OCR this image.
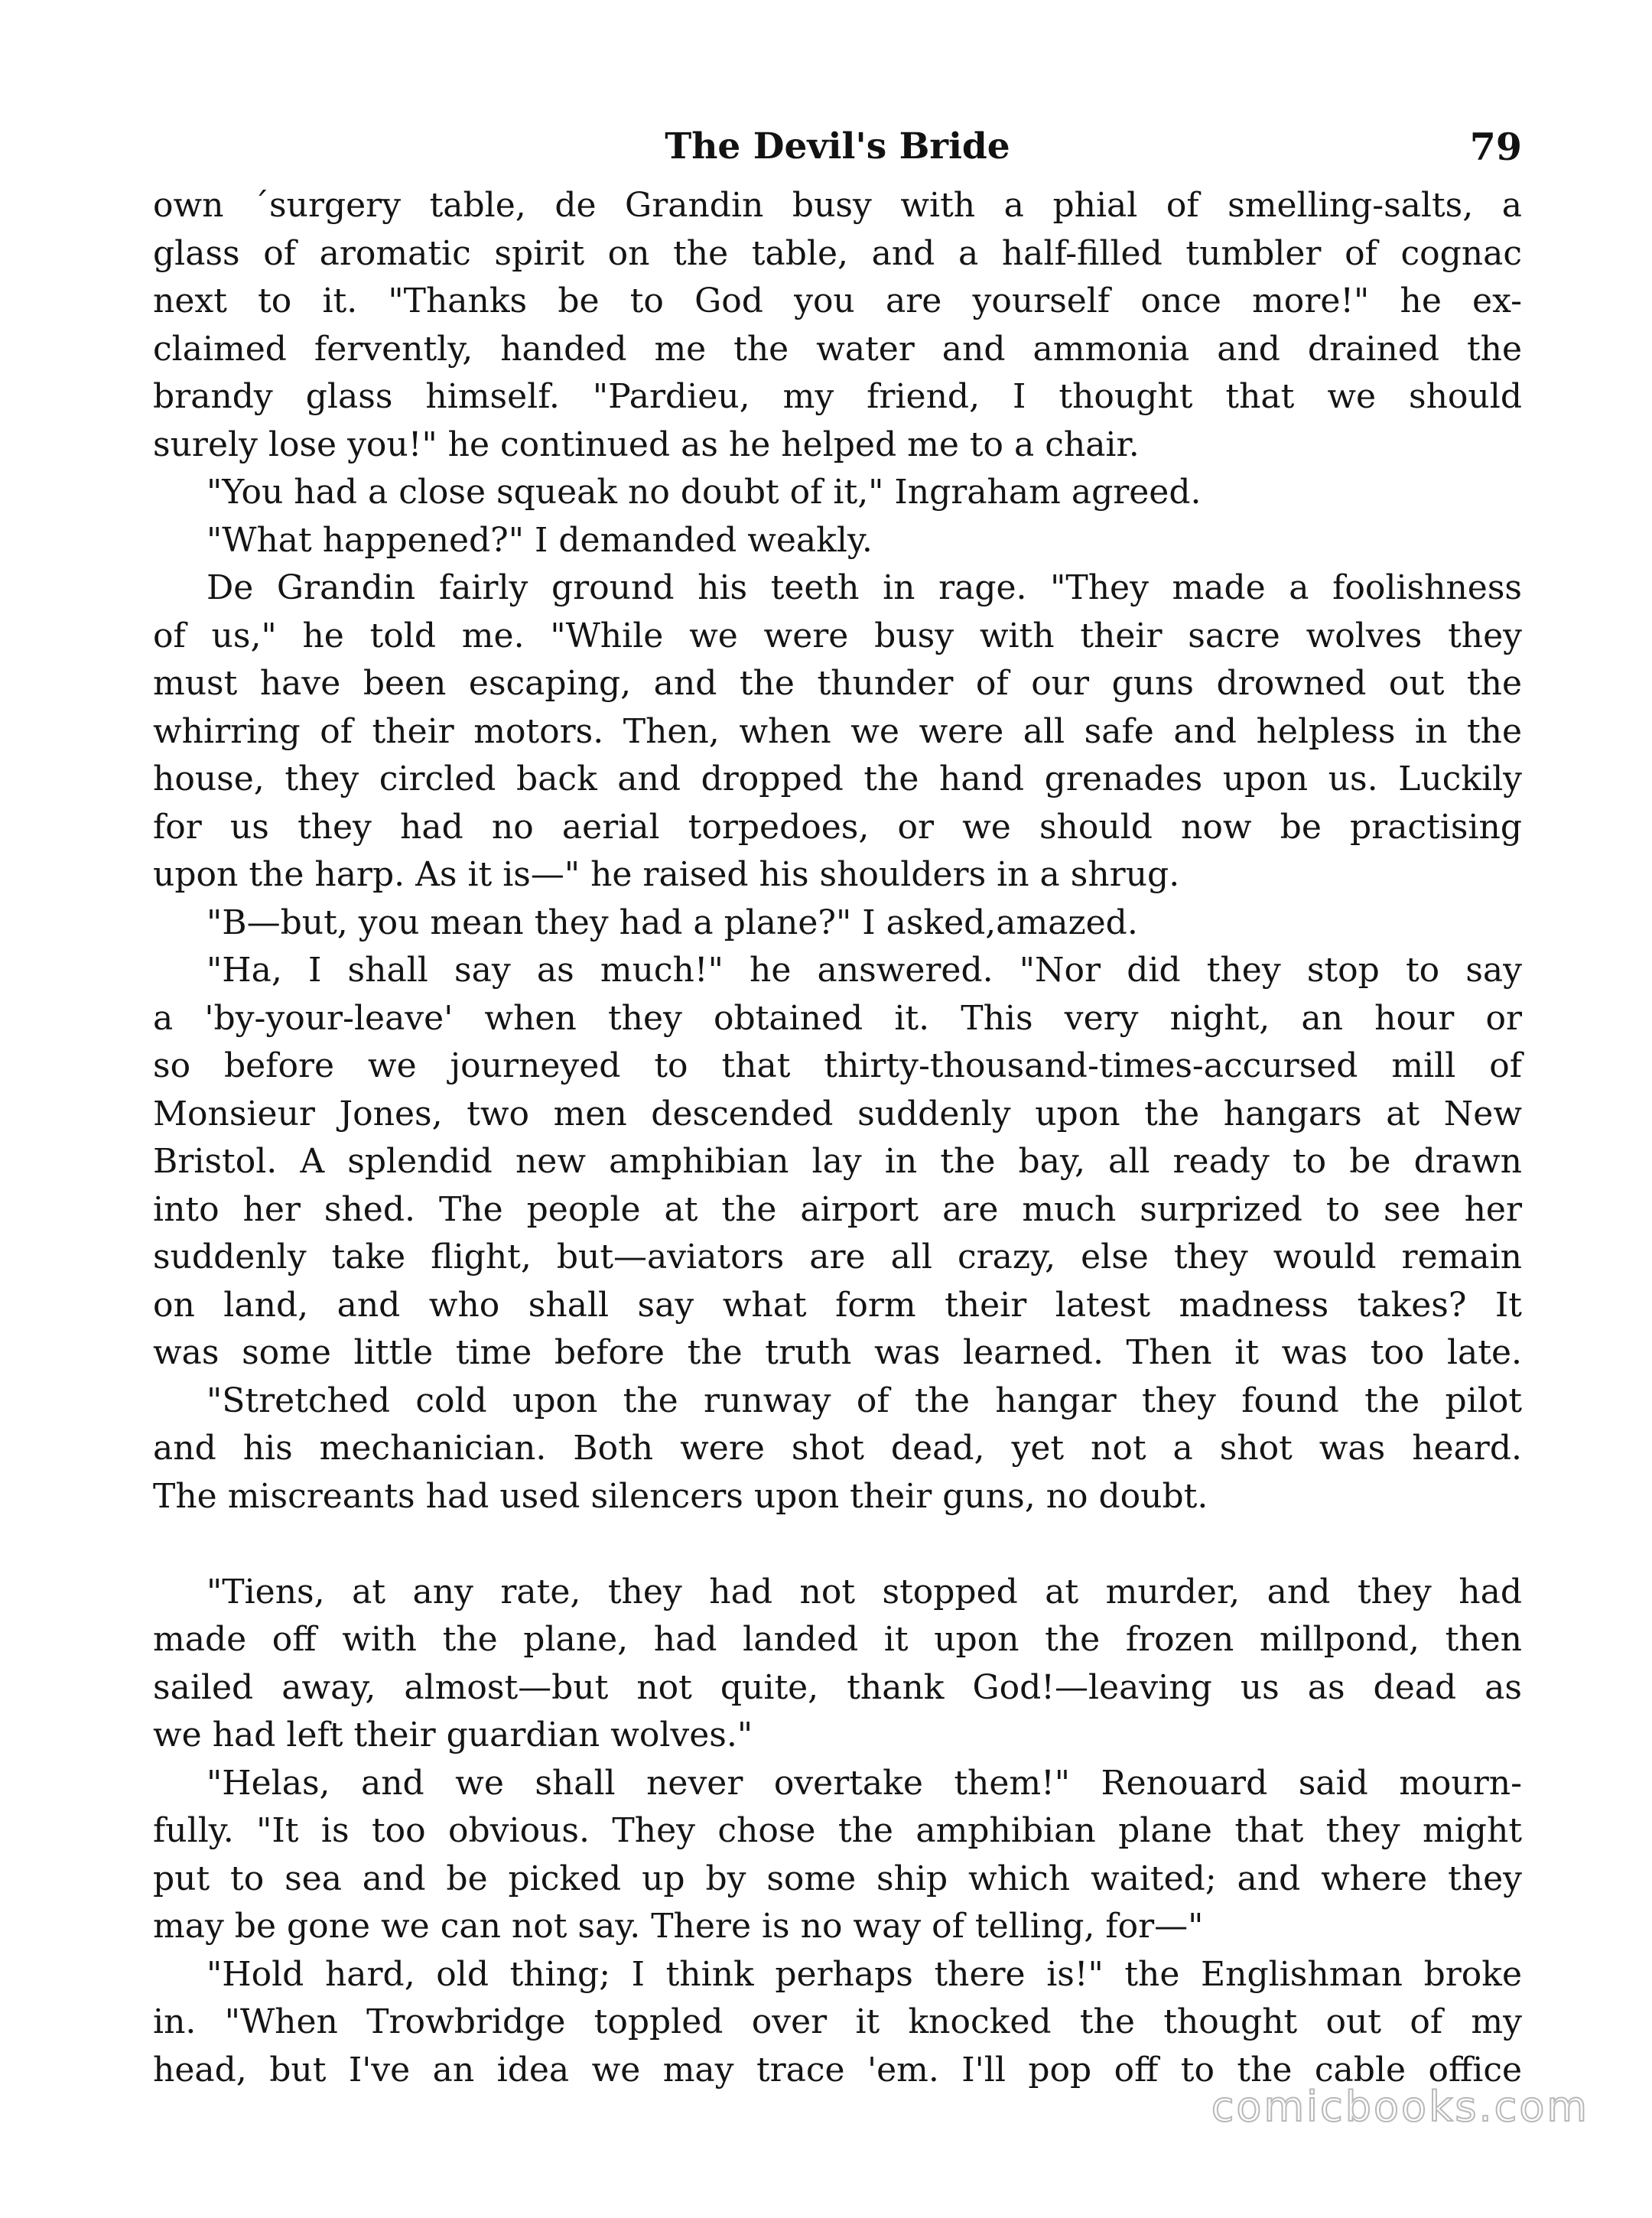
The Devil's Bride	79
own ´surgery table, de Grandin busy with a phial of smelling-salts, a
glass of aromatic spirit on the table, and a half-filled tumbler of cognac
next to it. "Thanks be to God you are yourself once more!" he ex-
claimed fervently, handed me the water and ammonia and drained the
brandy glass himself. "Pardieu, my friend, I thought that we should
surely lose you!" he continued as he helped me to a chair.
"You had a close squeak no doubt of it," Ingraham agreed.
"What happened?" I demanded weakly.
De Grandin fairly ground his teeth in rage. "They made a foolishness
of us," he told me. "While we were busy with their sacre wolves they
must have been escaping, and the thunder of our guns drowned out the
whirring of their motors. Then, when we were all safe and helpless in the
house, they circled back and dropped the hand grenades upon us. Luckily
for us they had no aerial torpedoes, or we should now be practising
upon the harp. As it is—" he raised his shoulders in a shrug.
"B—but, you mean they had a plane?" I asked,amazed.
"Ha, I shall say as much!" he answered. "Nor did they stop to say
a 'by-your-leave' when they obtained it. This very night, an hour or
so before we journeyed to that thirty-thousand-times-accursed mill of
Monsieur Jones, two men descended suddenly upon the hangars at New
Bristol. A splendid new amphibian lay in the bay, all ready to be drawn
into her shed. The people at the airport are much surprized to see her
suddenly take flight, but—aviators are all crazy, else they would remain
on land, and who shall say what form their latest madness takes? It
was some little time before the truth was learned. Then it was too late.
"Stretched cold upon the runway of the hangar they found the pilot
and his mechanician. Both were shot dead, yet not a shot was heard.
The miscreants had used silencers upon their guns, no doubt.
"Tiens, at any rate, they had not stopped at murder, and they had
made off with the plane, had landed it upon the frozen millpond, then
sailed away, almost—but not quite, thank God!—leaving us as dead as
we had left their guardian wolves."
"Helas, and we shall never overtake them!" Renouard said mourn-
fully. "It is too obvious. They chose the amphibian plane that they might
put to sea and be picked up by some ship which waited; and where they
may be gone we can not say. There is no way of telling, for—"
"Hold hard, old thing; I think perhaps there is!" the Englishman broke
in. "When Trowbridge toppled over it knocked the thought out of my
head, but I've an idea we may trace 'em. I'll pop off to the cable office
comicbooks.com
